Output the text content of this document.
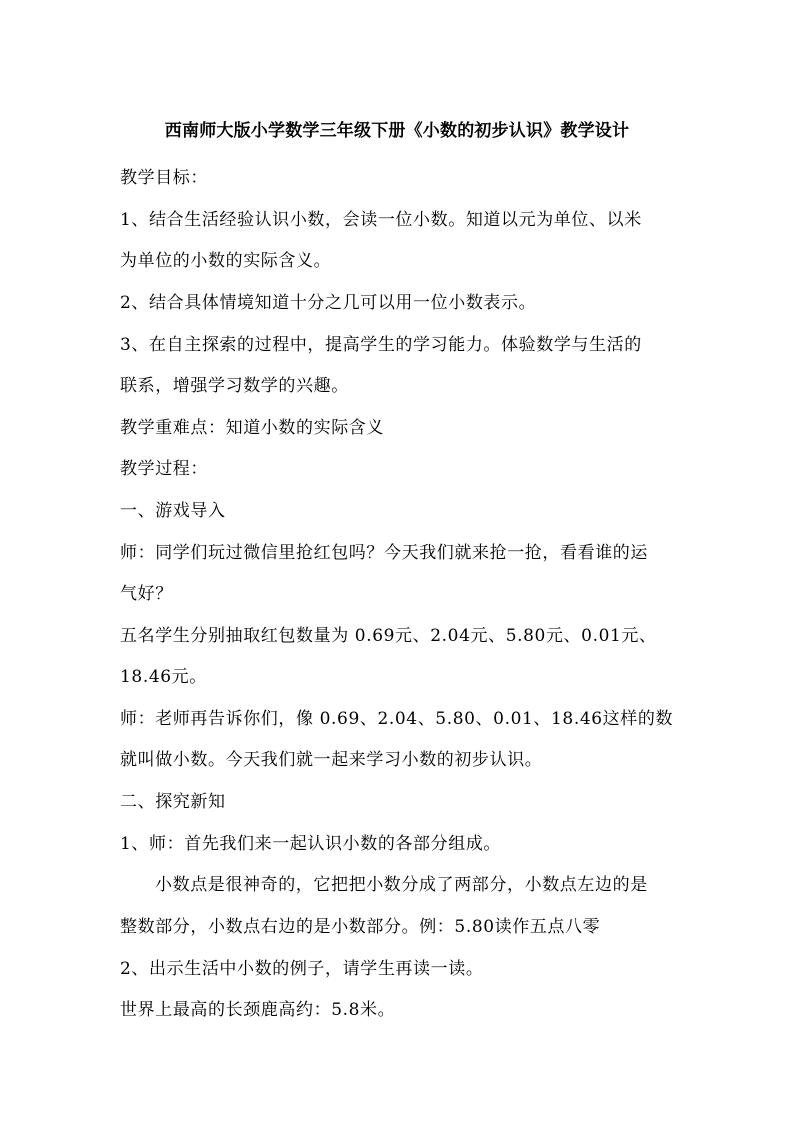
西南师大版小学数学三年级下册《小数的初步认识》教学设计
教学目标：
1、结合生活经验认识小数，会读一位小数。知道以元为单位、以米
为单位的小数的实际含义。
2、结合具体情境知道十分之几可以用一位小数表示。
3、在自主探索的过程中，提高学生的学习能力。体验数学与生活的
联系，增强学习数学的兴趣。
教学重难点：知道小数的实际含义
教学过程：
一、游戏导入
师：同学们玩过微信里抢红包吗？今天我们就来抢一抢，看看谁的运
气好？
五名学生分别抽取红包数量为 0.69元、2.04元、5.80元、0.01元、
18.46元。
师：老师再告诉你们，像 0.69、2.04、5.80、0.01、18.46这样的数
就叫做小数。今天我们就一起来学习小数的初步认识。
二、探究新知
1、师：首先我们来一起认识小数的各部分组成。
小数点是很神奇的，它把把小数分成了两部分，小数点左边的是
整数部分，小数点右边的是小数部分。例：5.80读作五点八零
2、出示生活中小数的例子，请学生再读一读。
世界上最高的长颈鹿高约：5.8米。
